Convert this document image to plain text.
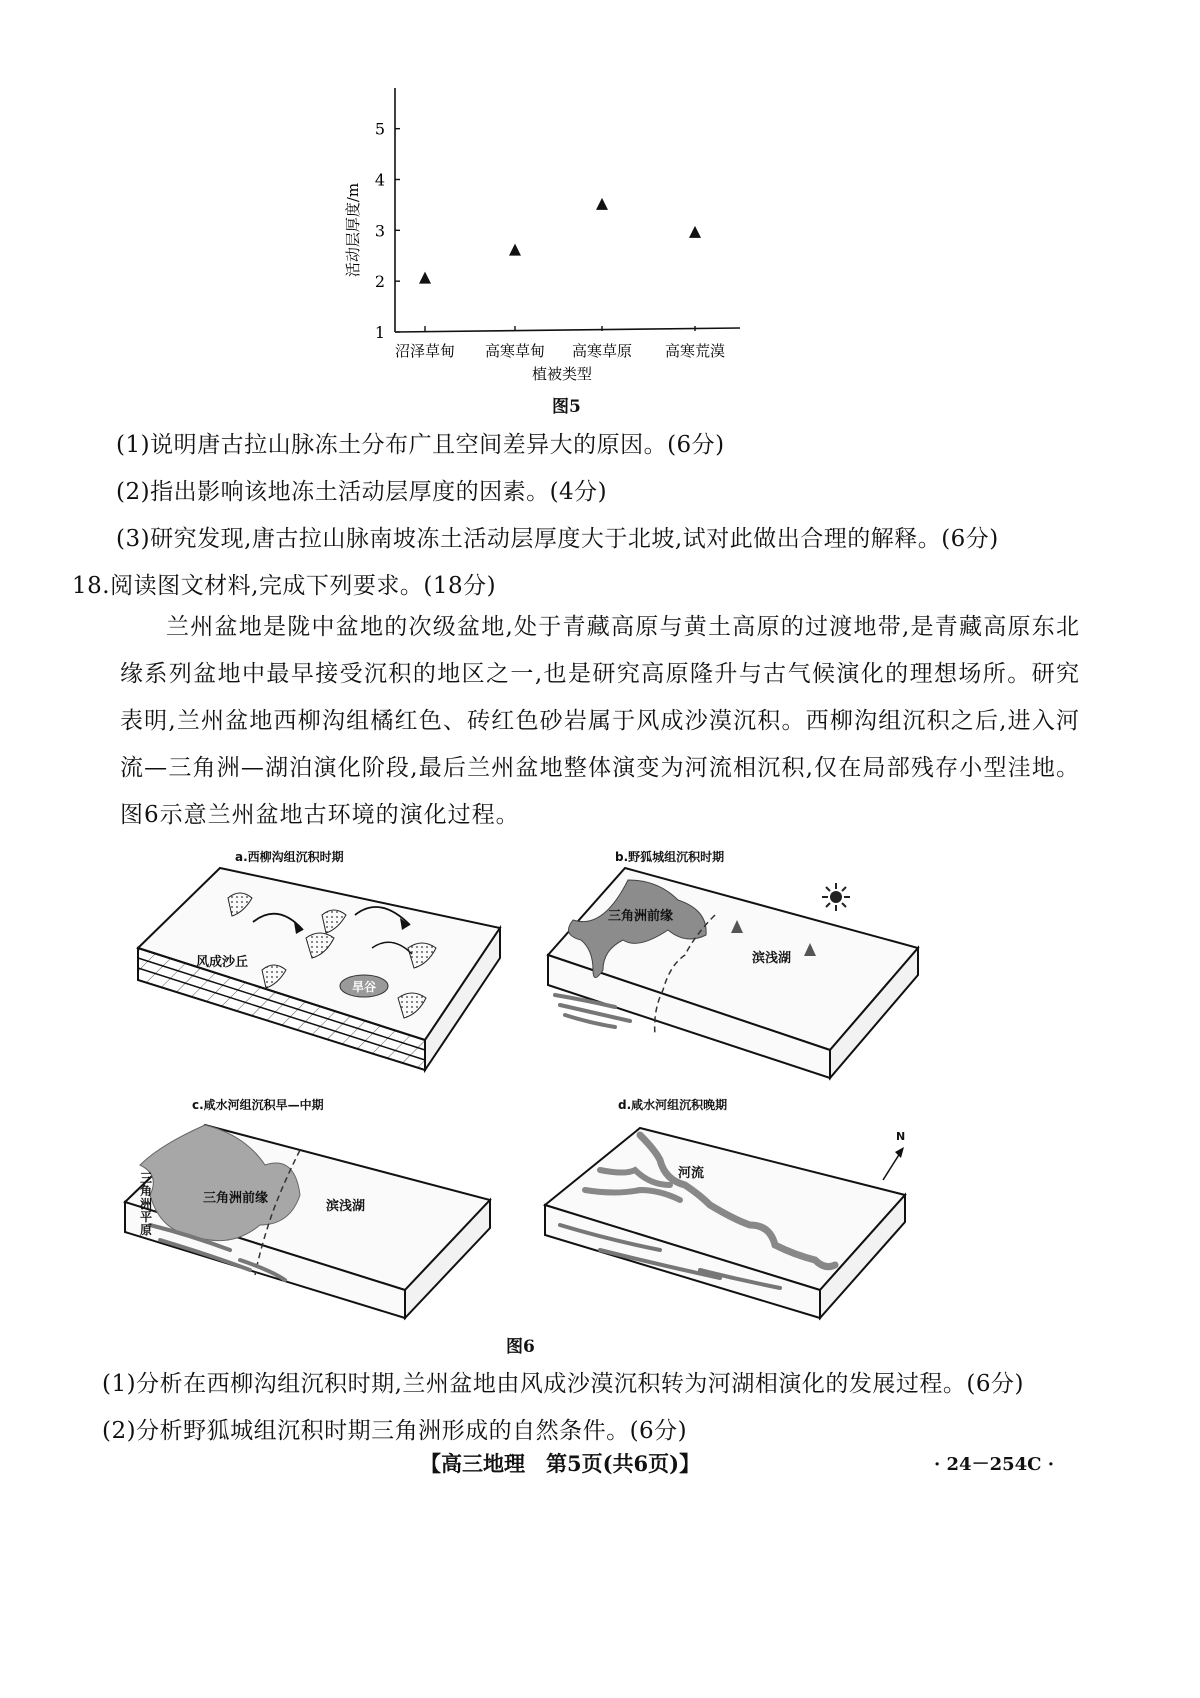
1
2
3
4
5
沼泽草甸 高寒草甸 高寒草原 高寒荒漠
植被类型
活动层厚度/m
图5
(1)说明唐古拉山脉冻土分布广且空间差异大的原因。(6分)
(2)指出影响该地冻土活动层厚度的因素。(4分)
(3)研究发现,唐古拉山脉南坡冻土活动层厚度大于北坡,试对此做出合理的解释。(6分)
18.阅读图文材料,完成下列要求。(18分)

兰州盆地是陇中盆地的次级盆地,处于青藏高原与黄土高原的过渡地带,是青藏高原东北缘系列盆地中最早接受沉积的地区之一,也是研究高原隆升与古气候演化的理想场所。研究表明,兰州盆地西柳沟组橘红色、砖红色砂岩属于风成沙漠沉积。西柳沟组沉积之后,进入河流—三角洲—湖泊演化阶段,最后兰州盆地整体演变为河流相沉积,仅在局部残存小型洼地。图6示意兰州盆地古环境的演化过程。

a.西柳沟组沉积时期	b.野狐城组沉积时期
c.咸水河组沉积早—中期	d.咸水河组沉积晚期
风成沙丘
旱谷
三角洲前缘
滨浅湖
三角洲平原
三角洲前缘
滨浅湖
河流
N
图6
(1)分析在西柳沟组沉积时期,兰州盆地由风成沙漠沉积转为河湖相演化的发展过程。(6分)
(2)分析野狐城组沉积时期三角洲形成的自然条件。(6分)
【高三地理　第5页(共6页)】	· 24－254C ·
